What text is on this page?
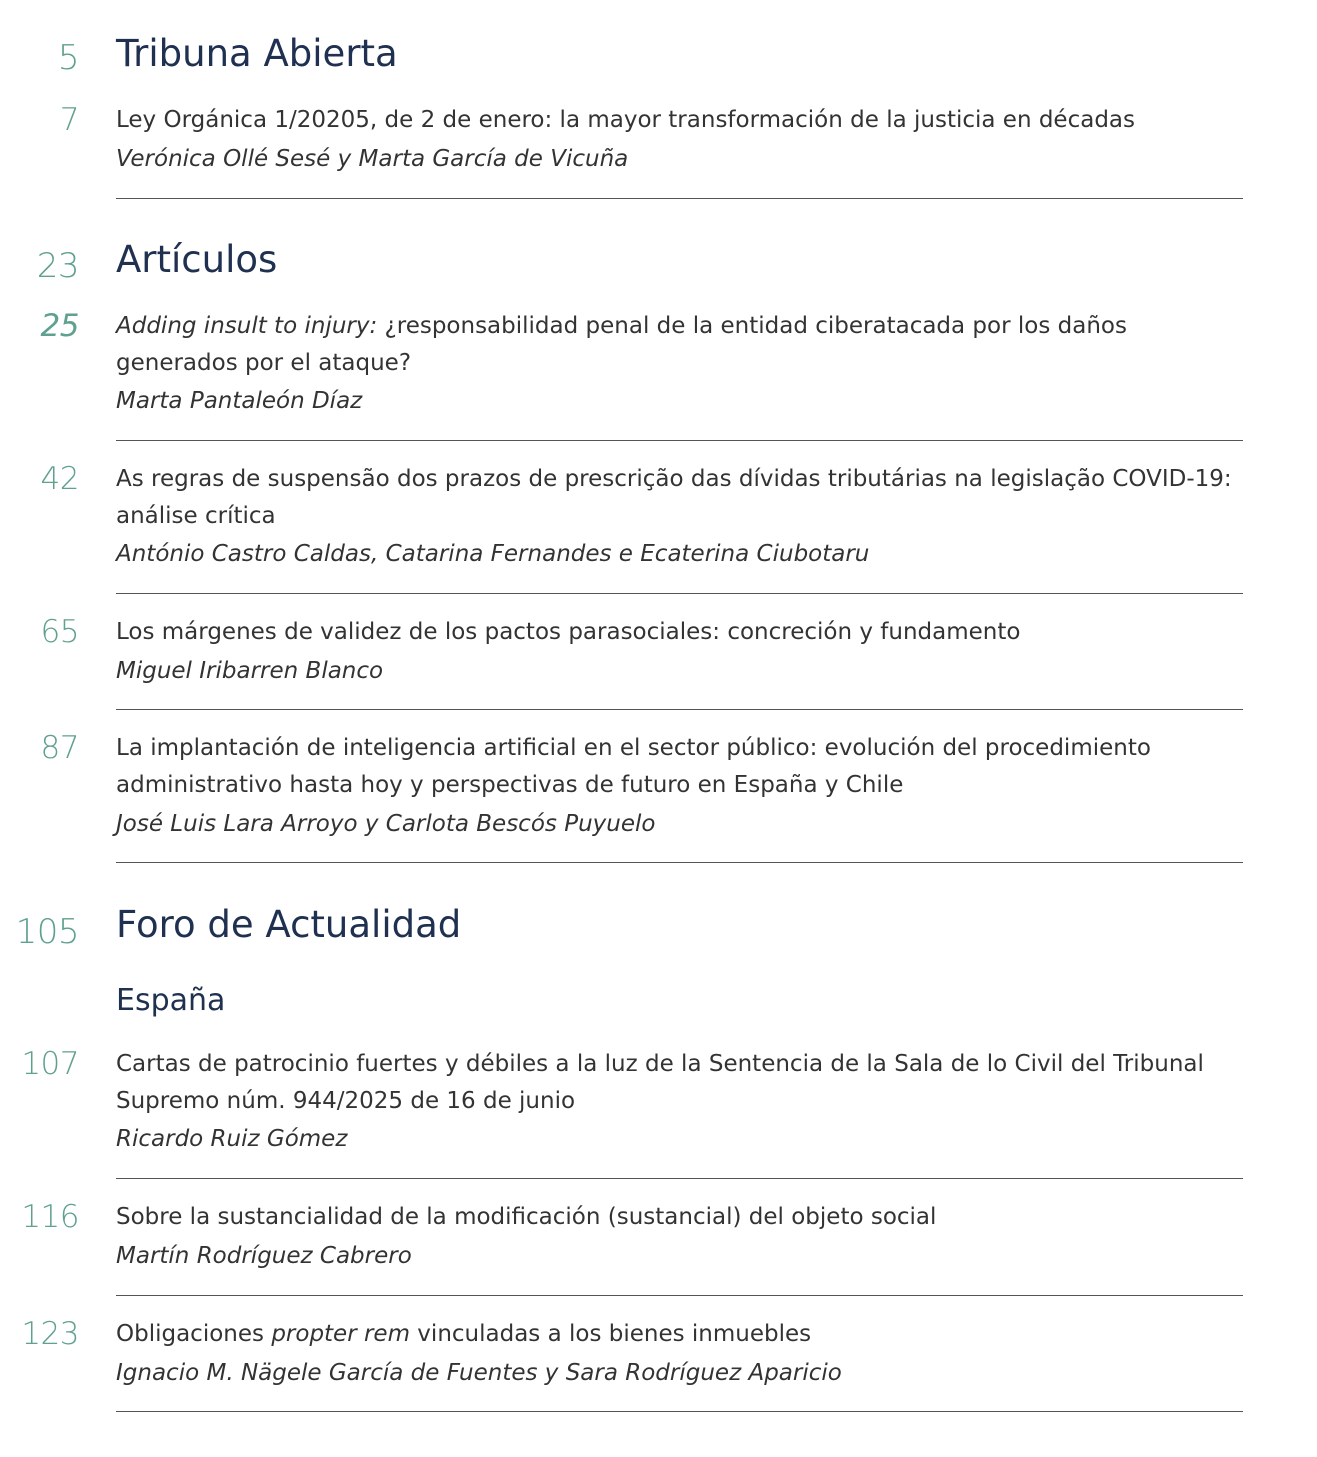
5 Tribuna Abierta
7 Ley Orgánica 1/20205, de 2 de enero: la mayor transformación de la justicia en décadas
Verónica Ollé Sesé y Marta García de Vicuña
23 Artículos
25 Adding insult to injury: ¿responsabilidad penal de la entidad ciberatacada por los daños generados por el ataque?
Marta Pantaleón Díaz
42 As regras de suspensão dos prazos de prescrição das dívidas tributárias na legislação COVID-19: análise crítica
António Castro Caldas, Catarina Fernandes e Ecaterina Ciubotaru
65 Los márgenes de validez de los pactos parasociales: concreción y fundamento
Miguel Iribarren Blanco
87 La implantación de inteligencia artificial en el sector público: evolución del procedimiento administrativo hasta hoy y perspectivas de futuro en España y Chile
José Luis Lara Arroyo y Carlota Bescós Puyuelo
105 Foro de Actualidad
España
107 Cartas de patrocinio fuertes y débiles a la luz de la Sentencia de la Sala de lo Civil del Tribunal Supremo núm. 944/2025 de 16 de junio
Ricardo Ruiz Gómez
116 Sobre la sustancialidad de la modificación (sustancial) del objeto social
Martín Rodríguez Cabrero
123 Obligaciones propter rem vinculadas a los bienes inmuebles
Ignacio M. Nägele García de Fuentes y Sara Rodríguez Aparicio
